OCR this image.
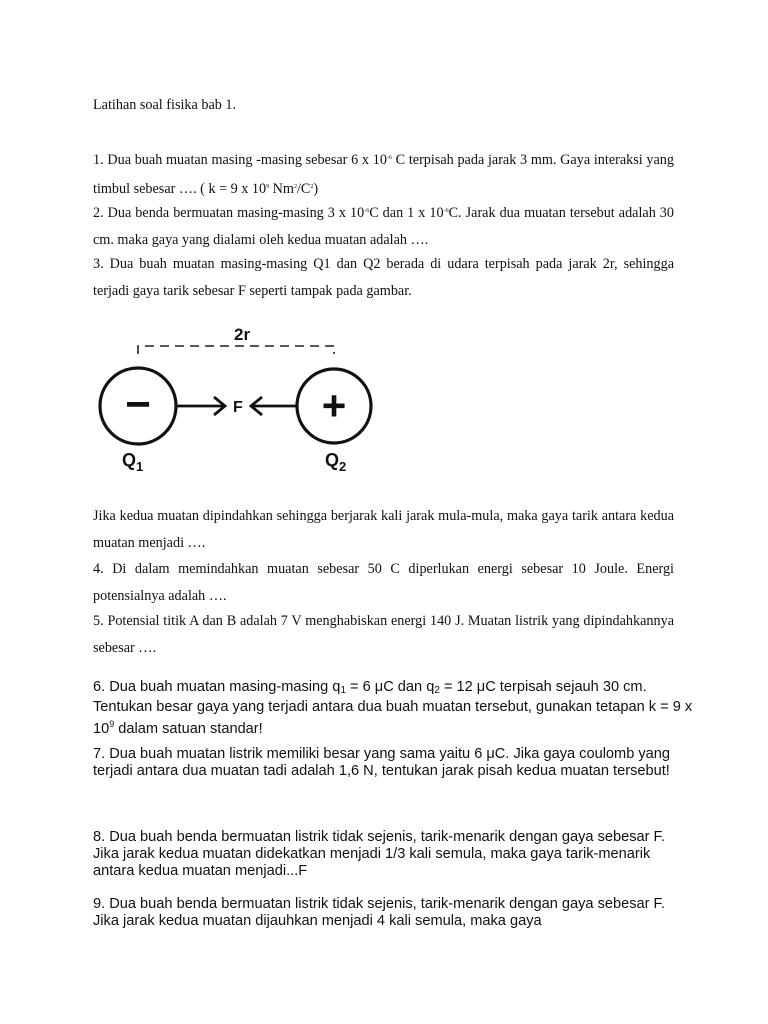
Latihan soal fisika bab 1.

1. Dua buah muatan masing -masing sebesar 6 x $10^{-6}$ C terpisah pada jarak 3 mm. Gaya interaksi yang timbul sebesar …. ( k = 9 x $10^9$ $Nm^2/C^2$)

2. Dua benda bermuatan masing-masing 3 x $10^{-6}C$ dan 1 x $10^{-6}C$. Jarak dua muatan tersebut adalah 30 cm. maka gaya yang dialami oleh kedua muatan adalah ….

3. Dua buah muatan masing-masing Q1 dan Q2 berada di udara terpisah pada jarak 2r, sehingga terjadi gaya tarik sebesar F seperti tampak pada gambar.

2r
−	+
F
$Q_1$	$Q_2$

Jika kedua muatan dipindahkan sehingga berjarak kali jarak mula-mula, maka gaya tarik antara kedua muatan menjadi ….

4. Di dalam memindahkan muatan sebesar 50 C diperlukan energi sebesar 10 Joule. Energi potensialnya adalah ….

5. Potensial titik A dan B adalah 7 V menghabiskan energi 140 J. Muatan listrik yang dipindahkannya sebesar ….

6. Dua buah muatan masing-masing $q_1 = 6$ μC dan $q_2 = 12$ μC terpisah sejauh 30 cm. Tentukan besar gaya yang terjadi antara dua buah muatan tersebut, gunakan tetapan k = 9 x $10^9$ dalam satuan standar!

7. Dua buah muatan listrik memiliki besar yang sama yaitu 6 μC. Jika gaya coulomb yang terjadi antara dua muatan tadi adalah 1,6 N, tentukan jarak pisah kedua muatan tersebut!

8. Dua buah benda bermuatan listrik tidak sejenis, tarik-menarik dengan gaya sebesar F. Jika jarak kedua muatan didekatkan menjadi 1/3 kali semula, maka gaya tarik-menarik antara kedua muatan menjadi...F

9. Dua buah benda bermuatan listrik tidak sejenis, tarik-menarik dengan gaya sebesar F. Jika jarak kedua muatan dijauhkan menjadi 4 kali semula, maka gaya
